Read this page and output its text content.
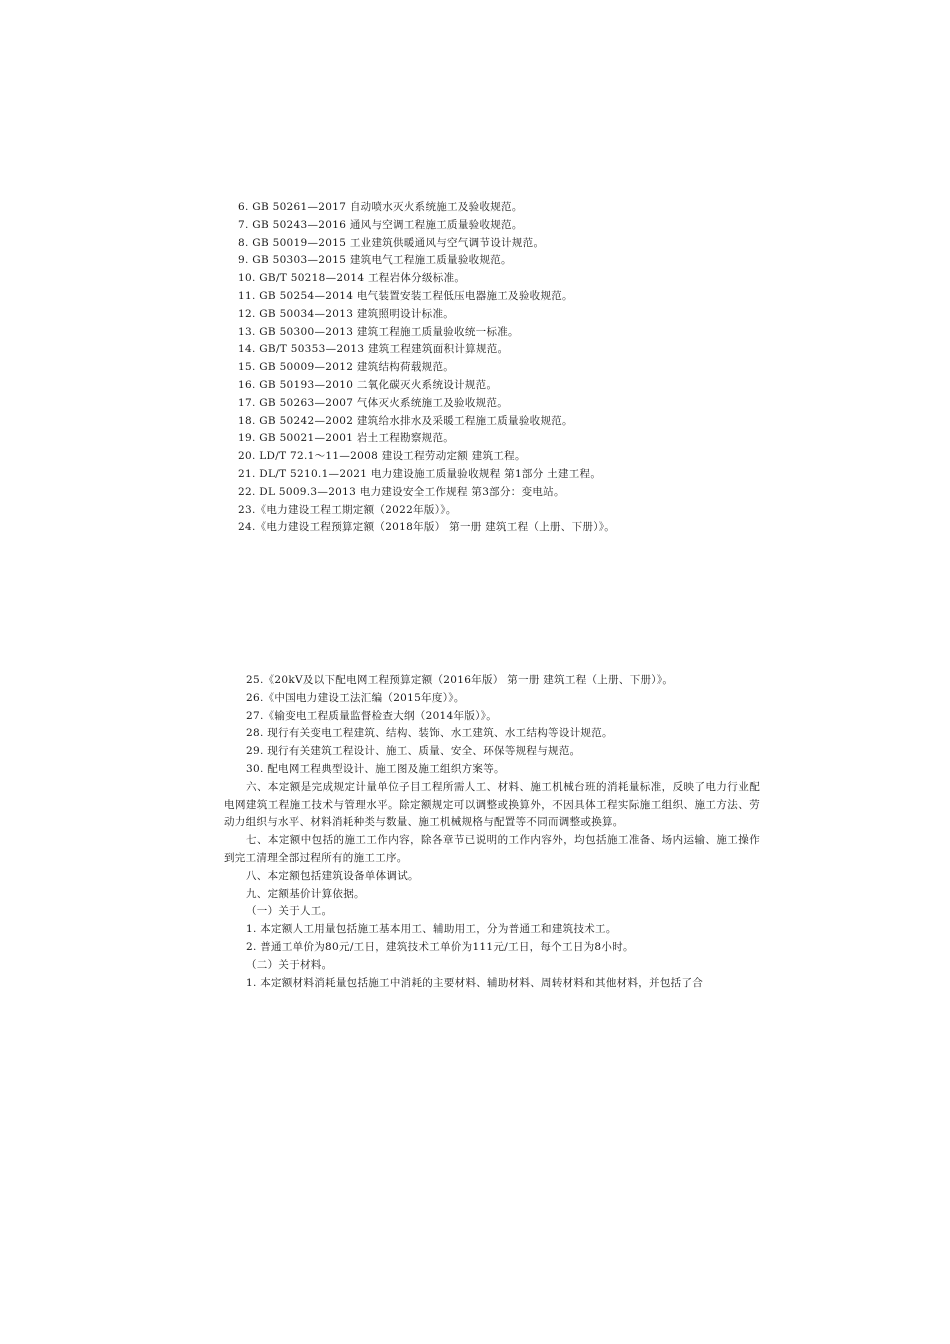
6. GB 50261—2017 自动喷水灭火系统施工及验收规范。
7. GB 50243—2016 通风与空调工程施工质量验收规范。
8. GB 50019—2015 工业建筑供暖通风与空气调节设计规范。
9. GB 50303—2015 建筑电气工程施工质量验收规范。
10. GB/T 50218—2014 工程岩体分级标准。
11. GB 50254—2014 电气装置安装工程低压电器施工及验收规范。
12. GB 50034—2013 建筑照明设计标准。
13. GB 50300—2013 建筑工程施工质量验收统一标准。
14. GB/T 50353—2013 建筑工程建筑面积计算规范。
15. GB 50009—2012 建筑结构荷载规范。
16. GB 50193—2010 二氧化碳灭火系统设计规范。
17. GB 50263—2007 气体灭火系统施工及验收规范。
18. GB 50242—2002 建筑给水排水及采暖工程施工质量验收规范。
19. GB 50021—2001 岩土工程勘察规范。
20. LD/T 72.1～11—2008 建设工程劳动定额 建筑工程。
21. DL/T 5210.1—2021 电力建设施工质量验收规程 第1部分 土建工程。
22. DL 5009.3—2013 电力建设安全工作规程 第3部分：变电站。
23.《电力建设工程工期定额（2022年版）》。
24.《电力建设工程预算定额（2018年版） 第一册 建筑工程（上册、下册）》。
25.《20kV及以下配电网工程预算定额（2016年版） 第一册 建筑工程（上册、下册）》。
26.《中国电力建设工法汇编（2015年度）》。
27.《输变电工程质量监督检查大纲（2014年版）》。
28. 现行有关变电工程建筑、结构、装饰、水工建筑、水工结构等设计规范。
29. 现行有关建筑工程设计、施工、质量、安全、环保等规程与规范。
30. 配电网工程典型设计、施工图及施工组织方案等。

六、本定额是完成规定计量单位子目工程所需人工、材料、施工机械台班的消耗量标准，反映了电力行业配电网建筑工程施工技术与管理水平。除定额规定可以调整或换算外，不因具体工程实际施工组织、施工方法、劳动力组织与水平、材料消耗种类与数量、施工机械规格与配置等不同而调整或换算。

七、本定额中包括的施工工作内容，除各章节已说明的工作内容外，均包括施工准备、场内运输、施工操作到完工清理全部过程所有的施工工序。

八、本定额包括建筑设备单体调试。
九、定额基价计算依据。
（一）关于人工。
1. 本定额人工用量包括施工基本用工、辅助用工，分为普通工和建筑技术工。
2. 普通工单价为80元/工日，建筑技术工单价为111元/工日，每个工日为8小时。
（二）关于材料。
1. 本定额材料消耗量包括施工中消耗的主要材料、辅助材料、周转材料和其他材料，并包括了合
